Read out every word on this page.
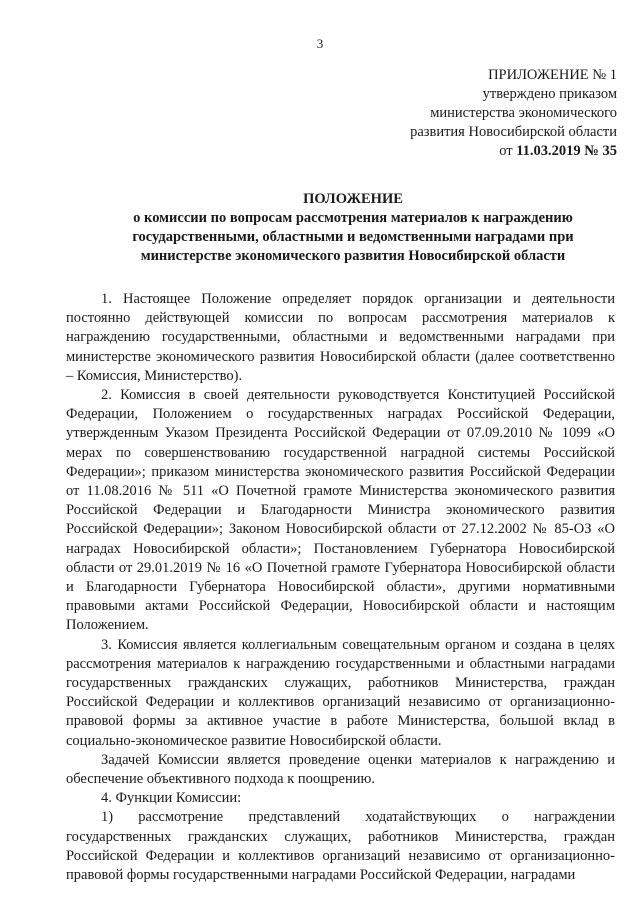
3
ПРИЛОЖЕНИЕ № 1
утверждено приказом
министерства экономического
развития Новосибирской области
от 11.03.2019 № 35
ПОЛОЖЕНИЕ
о комиссии по вопросам рассмотрения материалов к награждению
государственными, областными и ведомственными наградами при
министерстве экономического развития Новосибирской области

1. Настоящее Положение определяет порядок организации и деятельности постоянно действующей комиссии по вопросам рассмотрения материалов к награждению государственными, областными и ведомственными наградами при министерстве экономического развития Новосибирской области (далее соответственно – Комиссия, Министерство).

2. Комиссия в своей деятельности руководствуется Конституцией Российской Федерации, Положением о государственных наградах Российской Федерации, утвержденным Указом Президента Российской Федерации от 07.09.2010 № 1099 «О мерах по совершенствованию государственной наградной системы Российской Федерации»; приказом министерства экономического развития Российской Федерации от 11.08.2016 № 511 «О Почетной грамоте Министерства экономического развития Российской Федерации и Благодарности Министра экономического развития Российской Федерации»; Законом Новосибирской области от 27.12.2002 № 85-ОЗ «О наградах Новосибирской области»; Постановлением Губернатора Новосибирской области от 29.01.2019 № 16 «О Почетной грамоте Губернатора Новосибирской области и Благодарности Губернатора Новосибирской области», другими нормативными правовыми актами Российской Федерации, Новосибирской области и настоящим Положением.

3. Комиссия является коллегиальным совещательным органом и создана в целях рассмотрения материалов к награждению государственными и областными наградами государственных гражданских служащих, работников Министерства, граждан Российской Федерации и коллективов организаций независимо от организационно-правовой формы за активное участие в работе Министерства, большой вклад в социально-экономическое развитие Новосибирской области.

Задачей Комиссии является проведение оценки материалов к награждению и обеспечение объективного подхода к поощрению.

4. Функции Комиссии:

1) рассмотрение представлений ходатайствующих о награждении государственных гражданских служащих, работников Министерства, граждан Российской Федерации и коллективов организаций независимо от организационно-правовой формы государственными наградами Российской Федерации, наградами
